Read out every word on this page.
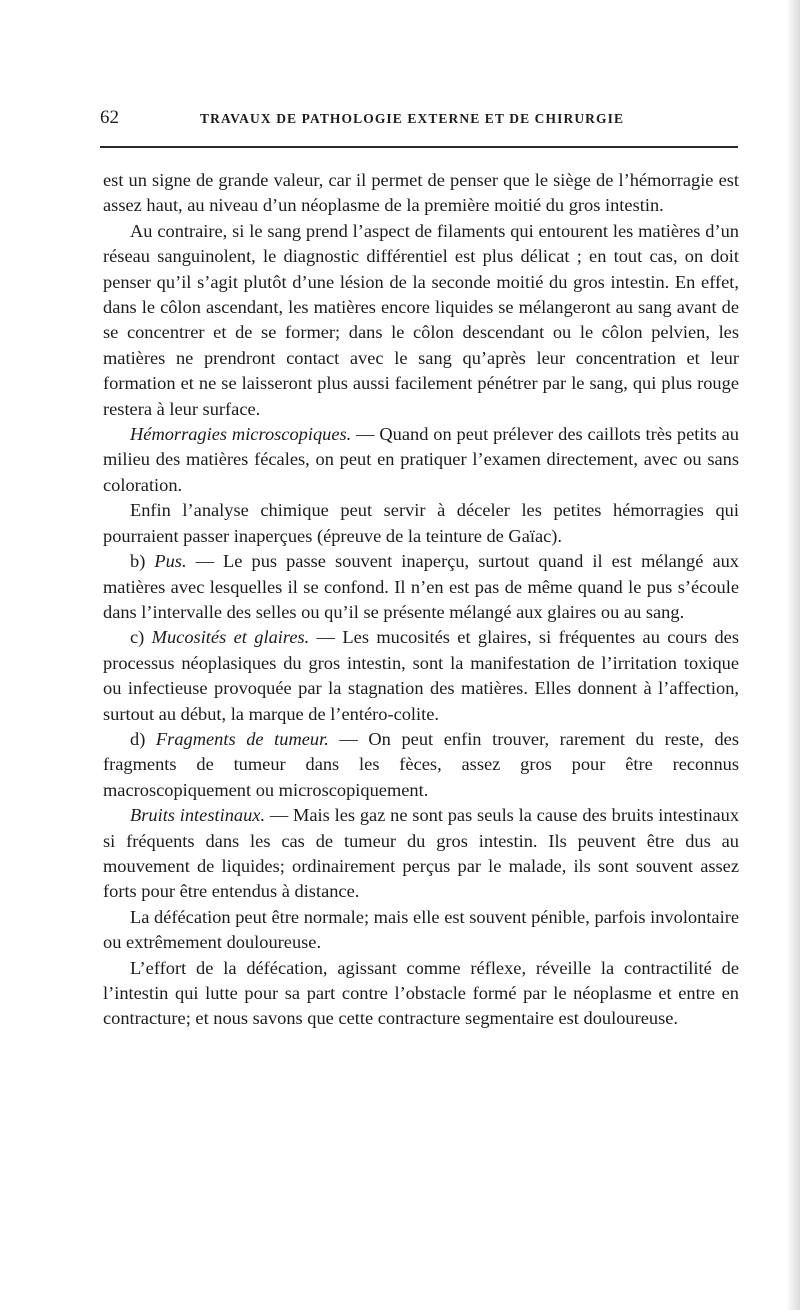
62	TRAVAUX DE PATHOLOGIE EXTERNE ET DE CHIRURGIE

est un signe de grande valeur, car il permet de penser que le siège de l’hémorragie est assez haut, au niveau d’un néoplasme de la première moitié du gros intestin.

Au contraire, si le sang prend l’aspect de filaments qui entourent les matières d’un réseau sanguinolent, le diagnostic différentiel est plus délicat ; en tout cas, on doit penser qu’il s’agit plutôt d’une lésion de la seconde moitié du gros intestin. En effet, dans le côlon ascendant, les matières encore liquides se mélangeront au sang avant de se concentrer et de se former; dans le côlon descendant ou le côlon pelvien, les matières ne prendront contact avec le sang qu’après leur concentration et leur formation et ne se laisseront plus aussi facilement pénétrer par le sang, qui plus rouge restera à leur surface.

Hémorragies microscopiques. — Quand on peut prélever des caillots très petits au milieu des matières fécales, on peut en pratiquer l’examen directement, avec ou sans coloration.

Enfin l’analyse chimique peut servir à déceler les petites hémorragies qui pourraient passer inaperçues (épreuve de la teinture de Gaïac).

b) Pus. — Le pus passe souvent inaperçu, surtout quand il est mélangé aux matières avec lesquelles il se confond. Il n’en est pas de même quand le pus s’écoule dans l’intervalle des selles ou qu’il se présente mélangé aux glaires ou au sang.

c) Mucosités et glaires. — Les mucosités et glaires, si fréquentes au cours des processus néoplasiques du gros intestin, sont la manifestation de l’irritation toxique ou infectieuse provoquée par la stagnation des matières. Elles donnent à l’affection, surtout au début, la marque de l’entéro-colite.

d) Fragments de tumeur. — On peut enfin trouver, rarement du reste, des fragments de tumeur dans les fèces, assez gros pour être reconnus macroscopiquement ou microscopiquement.

Bruits intestinaux. — Mais les gaz ne sont pas seuls la cause des bruits intestinaux si fréquents dans les cas de tumeur du gros intestin. Ils peuvent être dus au mouvement de liquides; ordinairement perçus par le malade, ils sont souvent assez forts pour être entendus à distance.

La défécation peut être normale; mais elle est souvent pénible, parfois involontaire ou extrêmement douloureuse.

L’effort de la défécation, agissant comme réflexe, réveille la contractilité de l’intestin qui lutte pour sa part contre l’obstacle formé par le néoplasme et entre en contracture; et nous savons que cette contracture segmentaire est douloureuse.
